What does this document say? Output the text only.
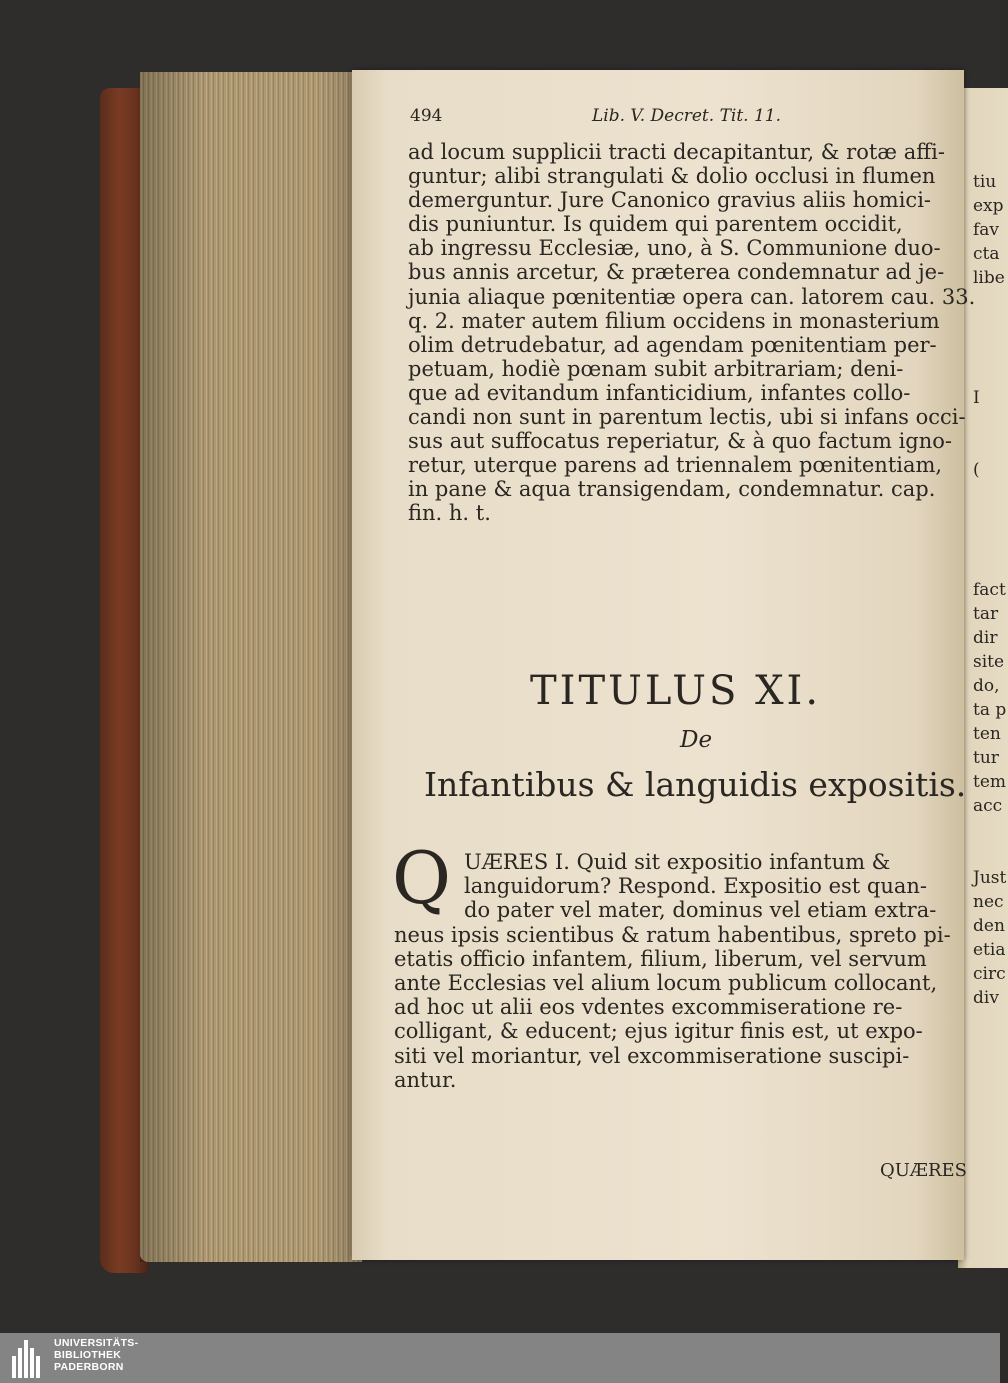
494	Lib. V. Decret. Tit. 11.
ad locum supplicii tracti decapitantur, & rotæ affi-
guntur; alibi strangulati & dolio occlusi in flumen
demerguntur. Jure Canonico gravius aliis homici-
dis puniuntur. Is quidem qui parentem occidit,
ab ingressu Ecclesiæ, uno, à S. Communione duo-
bus annis arcetur, & præterea condemnatur ad je-
junia aliaque pœnitentiæ opera can. latorem cau. 33.
q. 2. mater autem filium occidens in monasterium
olim detrudebatur, ad agendam pœnitentiam per-
petuam, hodiè pœnam subit arbitrariam; deni-
que ad evitandum infanticidium, infantes collo-
candi non sunt in parentum lectis, ubi si infans occi-
sus aut suffocatus reperiatur, & à quo factum igno-
retur, uterque parens ad triennalem pœnitentiam,
in pane & aqua transigendam, condemnatur. cap.
fin. h. t.
TITULUS XI.
De
Infantibus & languidis expositis.
Q UÆRES I. Quid sit expositio infantum &
languidorum? Respond. Expositio est quan-
do pater vel mater, dominus vel etiam extra-
neus ipsis scientibus & ratum habentibus, spreto pi-
etatis officio infantem, filium, liberum, vel servum
ante Ecclesias vel alium locum publicum collocant,
ad hoc ut alii eos vdentes excommiseratione re-
colligant, & educent; ejus igitur finis est, ut expo-
siti vel moriantur, vel excommiseratione suscipi-
antur.
QUÆRES
tiu
exp
fav
cta
libe
I
(
fact
tar
dir
site
do,
ta p
ten
tur
tem
acc
Just
nec
den
etia
circ
div
UNIVERSITÄTS-
BIBLIOTHEK
PADERBORN
